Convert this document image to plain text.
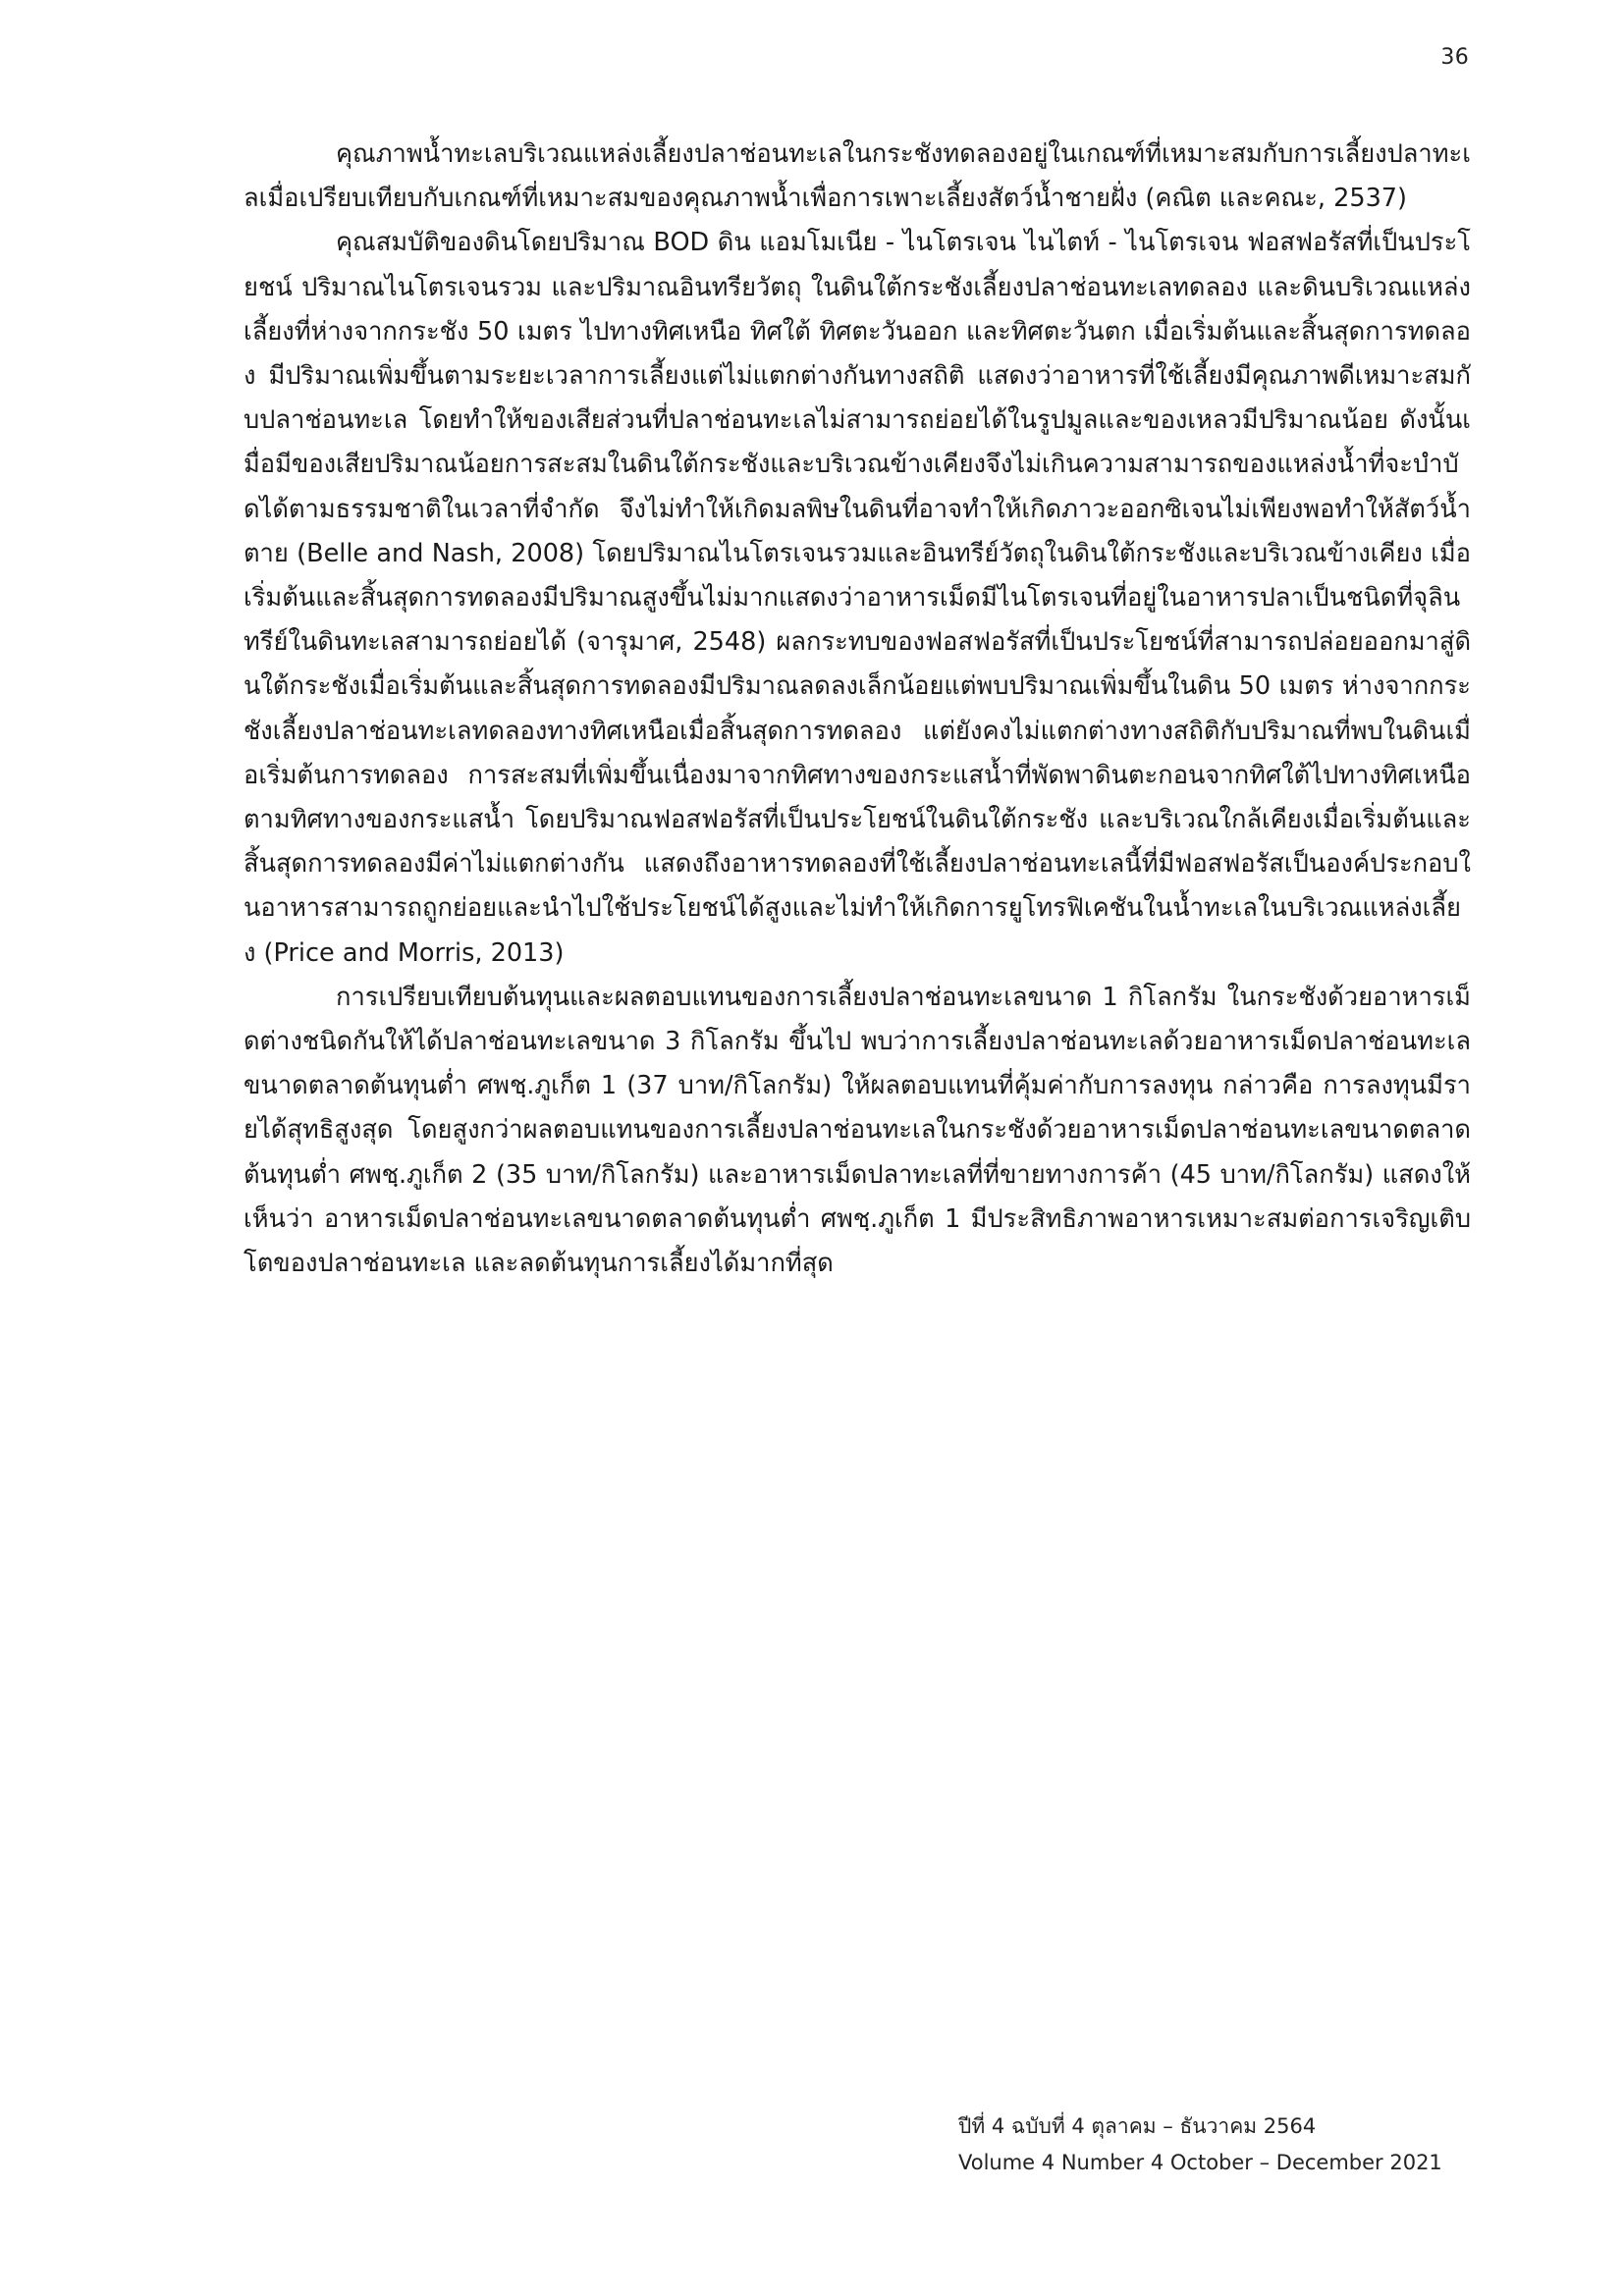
36

คุณภาพน้ำทะเลบริเวณแหล่งเลี้ยงปลาช่อนทะเลในกระชังทดลองอยู่ในเกณฑ์ที่เหมาะสมกับการเลี้ยงปลาทะเลเมื่อเปรียบเทียบกับเกณฑ์ที่เหมาะสมของคุณภาพน้ำเพื่อการเพาะเลี้ยงสัตว์น้ำชายฝั่ง (คณิต และคณะ, 2537)

คุณสมบัติของดินโดยปริมาณ BOD ดิน แอมโมเนีย - ไนโตรเจน ไนไตท์ - ไนโตรเจน ฟอสฟอรัสที่เป็นประโยชน์ ปริมาณไนโตรเจนรวม และปริมาณอินทรียวัตถุ ในดินใต้กระชังเลี้ยงปลาช่อนทะเลทดลอง และดินบริเวณแหล่งเลี้ยงที่ห่างจากกระชัง 50 เมตร ไปทางทิศเหนือ ทิศใต้ ทิศตะวันออก และทิศตะวันตก เมื่อเริ่มต้นและสิ้นสุดการทดลอง มีปริมาณเพิ่มขึ้นตามระยะเวลาการเลี้ยงแต่ไม่แตกต่างกันทางสถิติ แสดงว่าอาหารที่ใช้เลี้ยงมีคุณภาพดีเหมาะสมกับปลาช่อนทะเล โดยทำให้ของเสียส่วนที่ปลาช่อนทะเลไม่สามารถย่อยได้ในรูปมูลและของเหลวมีปริมาณน้อย ดังนั้นเมื่อมีของเสียปริมาณน้อยการสะสมในดินใต้กระชังและบริเวณข้างเคียงจึงไม่เกินความสามารถของแหล่งน้ำที่จะบำบัดได้ตามธรรมชาติในเวลาที่จำกัด จึงไม่ทำให้เกิดมลพิษในดินที่อาจทำให้เกิดภาวะออกซิเจนไม่เพียงพอทำให้สัตว์น้ำตาย (Belle and Nash, 2008) โดยปริมาณไนโตรเจนรวมและอินทรีย์วัตถุในดินใต้กระชังและบริเวณข้างเคียง เมื่อเริ่มต้นและสิ้นสุดการทดลองมีปริมาณสูงขึ้นไม่มากแสดงว่าอาหารเม็ดมีไนโตรเจนที่อยู่ในอาหารปลาเป็นชนิดที่จุลินทรีย์ในดินทะเลสามารถย่อยได้ (จารุมาศ, 2548) ผลกระทบของฟอสฟอรัสที่เป็นประโยชน์ที่สามารถปล่อยออกมาสู่ดินใต้กระชังเมื่อเริ่มต้นและสิ้นสุดการทดลองมีปริมาณลดลงเล็กน้อยแต่พบปริมาณเพิ่มขึ้นในดิน 50 เมตร ห่างจากกระชังเลี้ยงปลาช่อนทะเลทดลองทางทิศเหนือเมื่อสิ้นสุดการทดลอง แต่ยังคงไม่แตกต่างทางสถิติกับปริมาณที่พบในดินเมื่อเริ่มต้นการทดลอง การสะสมที่เพิ่มขึ้นเนื่องมาจากทิศทางของกระแสน้ำที่พัดพาดินตะกอนจากทิศใต้ไปทางทิศเหนือตามทิศทางของกระแสน้ำ โดยปริมาณฟอสฟอรัสที่เป็นประโยชน์ในดินใต้กระชัง และบริเวณใกล้เคียงเมื่อเริ่มต้นและสิ้นสุดการทดลองมีค่าไม่แตกต่างกัน แสดงถึงอาหารทดลองที่ใช้เลี้ยงปลาช่อนทะเลนี้ที่มีฟอสฟอรัสเป็นองค์ประกอบในอาหารสามารถถูกย่อยและนำไปใช้ประโยชน์ได้สูงและไม่ทำให้เกิดการยูโทรฟิเคชันในน้ำทะเลในบริเวณแหล่งเลี้ยง (Price and Morris, 2013)

การเปรียบเทียบต้นทุนและผลตอบแทนของการเลี้ยงปลาช่อนทะเลขนาด 1 กิโลกรัม ในกระชังด้วยอาหารเม็ดต่างชนิดกันให้ได้ปลาช่อนทะเลขนาด 3 กิโลกรัม ขึ้นไป พบว่าการเลี้ยงปลาช่อนทะเลด้วยอาหารเม็ดปลาช่อนทะเลขนาดตลาดต้นทุนต่ำ ศพชฺ.ภูเก็ต 1 (37 บาท/กิโลกรัม) ให้ผลตอบแทนที่คุ้มค่ากับการลงทุน กล่าวคือ การลงทุนมีรายได้สุทธิสูงสุด โดยสูงกว่าผลตอบแทนของการเลี้ยงปลาช่อนทะเลในกระชังด้วยอาหารเม็ดปลาช่อนทะเลขนาดตลาดต้นทุนต่ำ ศพชฺ.ภูเก็ต 2 (35 บาท/กิโลกรัม) และอาหารเม็ดปลาทะเลที่ที่ขายทางการค้า (45 บาท/กิโลกรัม) แสดงให้เห็นว่า อาหารเม็ดปลาช่อนทะเลขนาดตลาดต้นทุนต่ำ ศพชฺ.ภูเก็ต 1 มีประสิทธิภาพอาหารเหมาะสมต่อการเจริญเติบโตของปลาช่อนทะเล และลดต้นทุนการเลี้ยงได้มากที่สุด

ปีที่ 4 ฉบับที่ 4 ตุลาคม – ธันวาคม 2564
Volume 4 Number 4 October – December 2021
